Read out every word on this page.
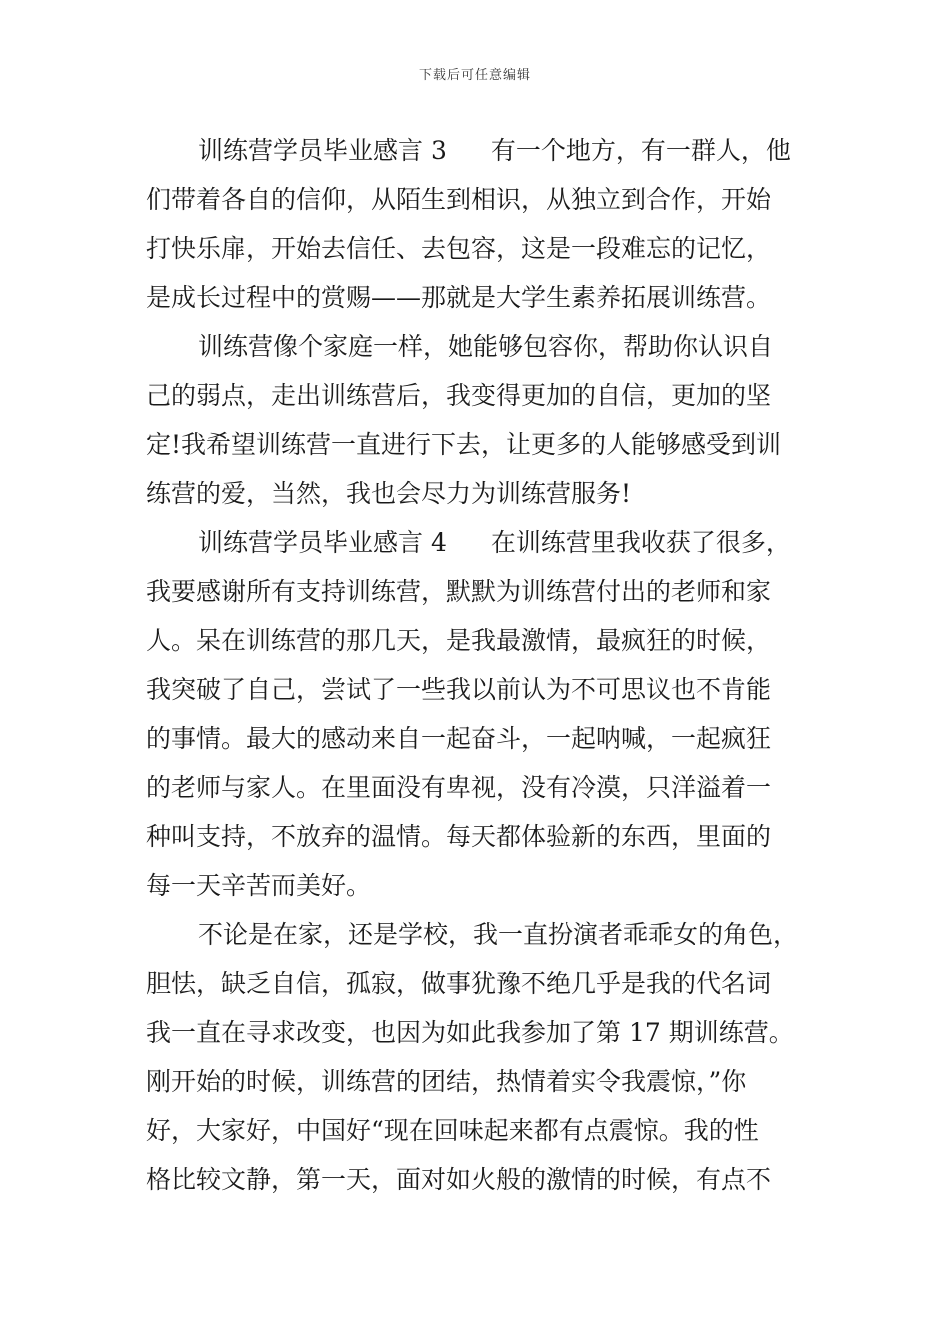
下载后可任意编辑
训练营学员毕业感言 3 有一个地方，有一群人，他
们带着各自的信仰，从陌生到相识，从独立到合作，开始
打快乐扉，开始去信任、去包容，这是一段难忘的记忆，
是成长过程中的赏赐——那就是大学生素养拓展训练营。
训练营像个家庭一样，她能够包容你，帮助你认识自
己的弱点，走出训练营后，我变得更加的自信，更加的坚
定!我希望训练营一直进行下去，让更多的人能够感受到训
练营的爱，当然，我也会尽力为训练营服务!
训练营学员毕业感言 4 在训练营里我收获了很多，
我要感谢所有支持训练营，默默为训练营付出的老师和家
人。呆在训练营的那几天，是我最激情，最疯狂的时候，
我突破了自己，尝试了一些我以前认为不可思议也不肯能
的事情。最大的感动来自一起奋斗，一起呐喊，一起疯狂
的老师与家人。在里面没有卑视，没有冷漠，只洋溢着一
种叫支持，不放弃的温情。每天都体验新的东西，里面的
每一天辛苦而美好。
不论是在家，还是学校，我一直扮演者乖乖女的角色，
胆怯，缺乏自信，孤寂，做事犹豫不绝几乎是我的代名词
我一直在寻求改变，也因为如此我参加了第 17 期训练营。
刚开始的时候，训练营的团结，热情着实令我震惊，”你
好，大家好，中国好“现在回味起来都有点震惊。我的性
格比较文静，第一天，面对如火般的激情的时候，有点不
